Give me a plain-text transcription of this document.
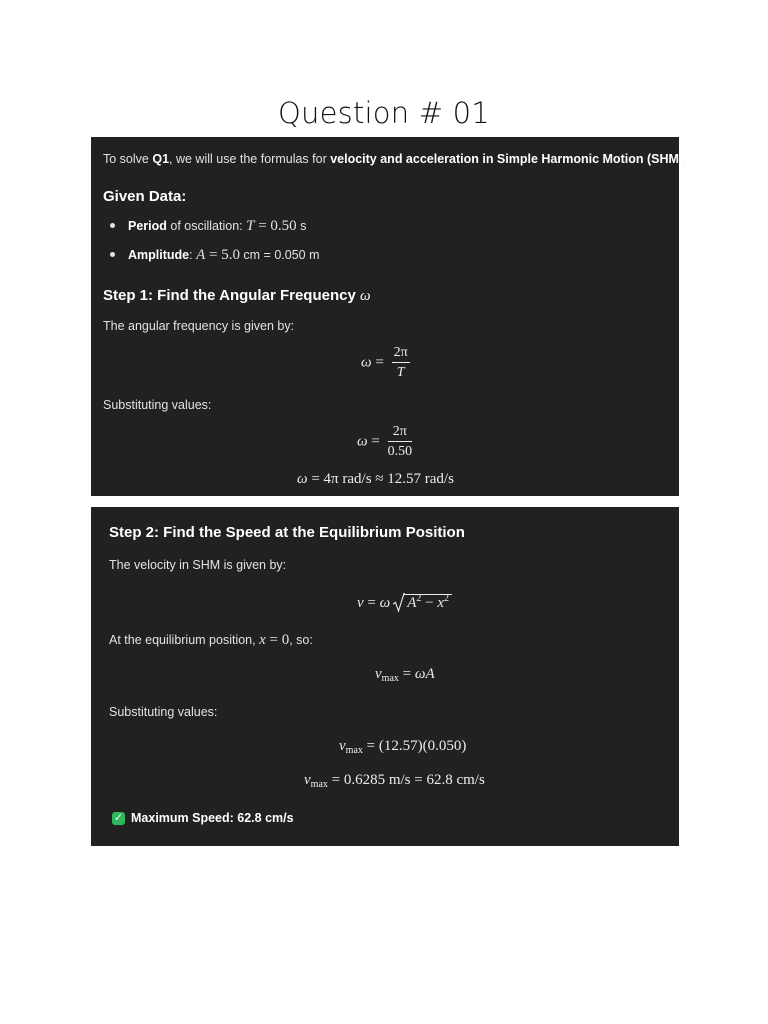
Question # 01
To solve Q1, we will use the formulas for velocity and acceleration in Simple Harmonic Motion (SHM).
Given Data:
Period of oscillation: T = 0.50 s
Amplitude: A = 5.0 cm = 0.050 m
Step 1: Find the Angular Frequency ω
The angular frequency is given by:
$\omega = \frac{2\pi}{T}$
Substituting values:
$\omega = \frac{2\pi}{0.50}$
ω = 4π rad/s ≈ 12.57 rad/s
Step 2: Find the Speed at the Equilibrium Position
The velocity in SHM is given by:
v = ω $A^2 - x^2$
At the equilibrium position, x = 0, so:
$v_{max} = \omega A$
Substituting values:
$v_{max} = (12.57)(0.050)$
$v_{max} = 0.6285$ m/s = 62.8 cm/s
✓ Maximum Speed: 62.8 cm/s
